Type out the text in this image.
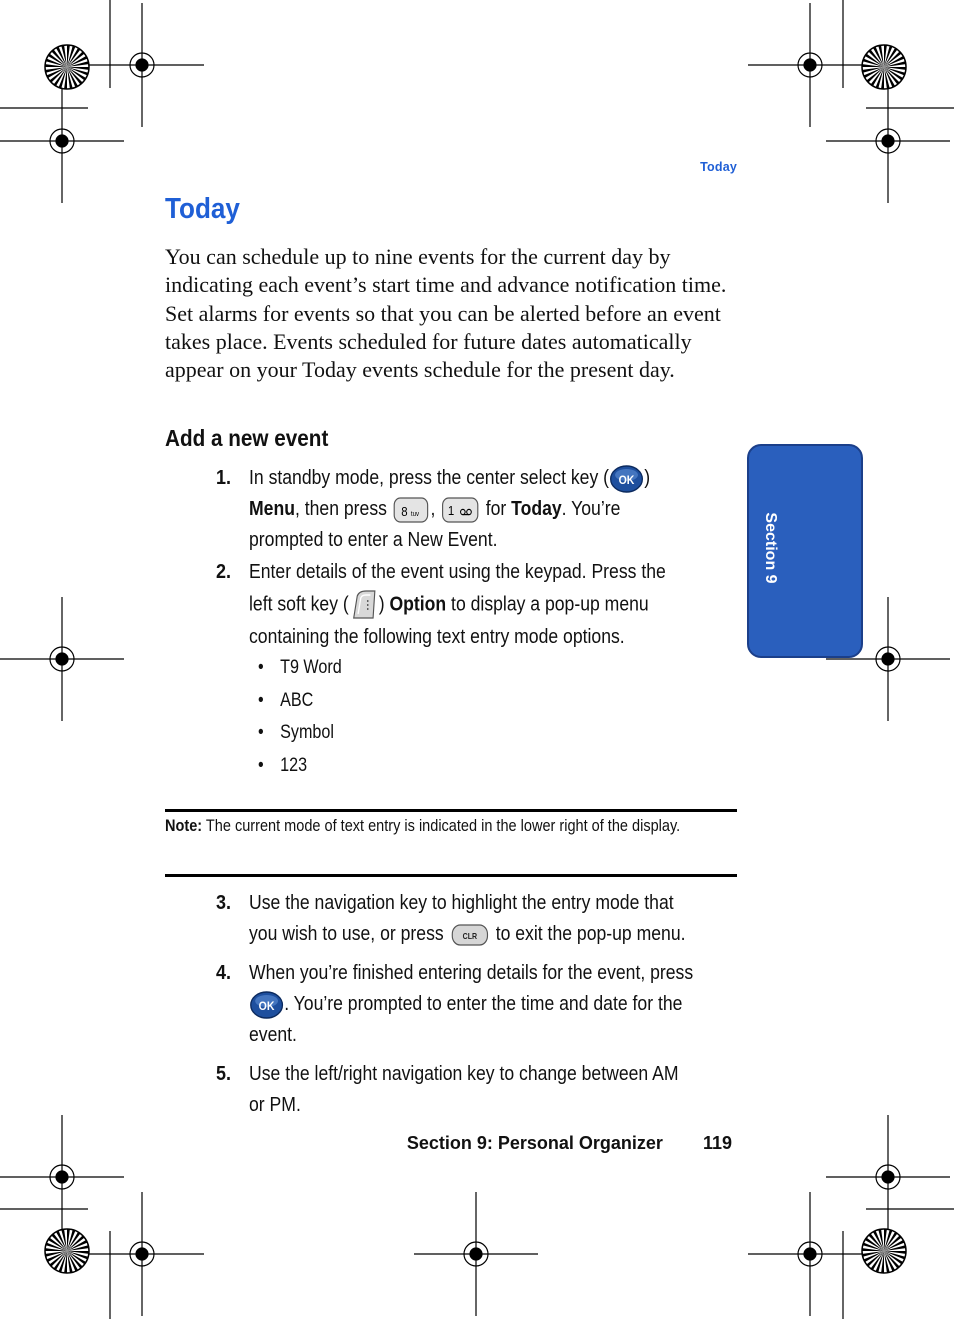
Today
Today

You can schedule up to nine events for the current day by indicating each event’s start time and advance notification time. Set alarms for events so that you can be alerted before an event takes place. Events scheduled for future dates automatically appear on your Today events schedule for the present day.

Add a new event
1. In standby mode, press the center select key ( OK )
Menu, then press 8 tuv , 1 for Today. You’re
prompted to enter a New Event.
2. Enter details of the event using the keypad. Press the
left soft key ( ) Option to display a pop-up menu
containing the following text entry mode options.
• T9 Word
• ABC
• Symbol
• 123
Note: The current mode of text entry is indicated in the lower right of the display.
3. Use the navigation key to highlight the entry mode that
you wish to use, or press CLR to exit the pop-up menu.
4. When you’re finished entering details for the event, press
OK . You’re prompted to enter the time and date for the
event.
5. Use the left/right navigation key to change between AM
or PM.
Section 9: Personal Organizer 119
Section 9
